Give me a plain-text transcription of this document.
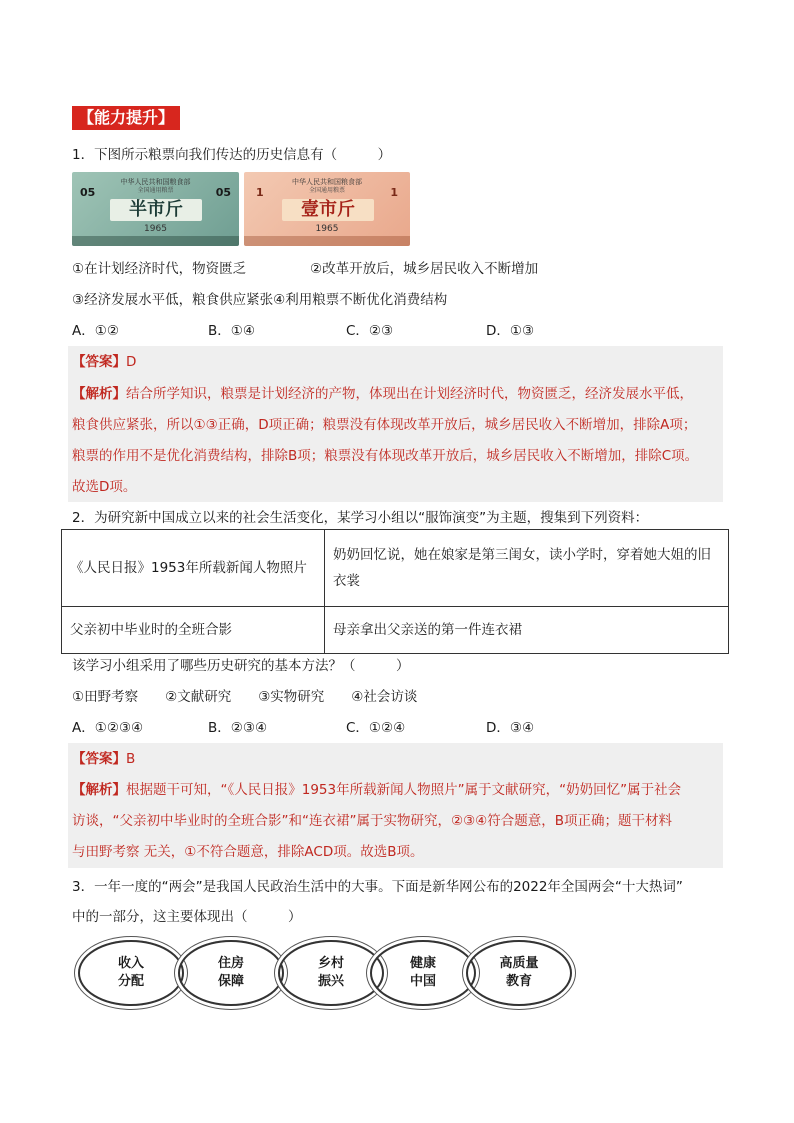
【能力提升】
1．下图所示粮票向我们传达的历史信息有（　　　）
中华人民共和国粮食部
全国通用粮票
05	05
半市斤
1965
中华人民共和国粮食部
全国通用粮票
1	1
壹市斤
1965
①在计划经济时代，物资匮乏	②改革开放后，城乡居民收入不断增加
③经济发展水平低，粮食供应紧张④利用粮票不断优化消费结构
A．①②	B．①④	C．②③	D．①③
【答案】D
【解析】结合所学知识，粮票是计划经济的产物，体现出在计划经济时代，物资匮乏，经济发展水平低，
粮食供应紧张，所以①③正确，D项正确；粮票没有体现改革开放后，城乡居民收入不断增加，排除A项；
粮票的作用不是优化消费结构，排除B项；粮票没有体现改革开放后，城乡居民收入不断增加，排除C项。
故选D项。
2．为研究新中国成立以来的社会生活变化，某学习小组以“服饰演变”为主题，搜集到下列资料：
《人民日报》1953年所载新闻人物照片	奶奶回忆说，她在娘家是第三闺女，读小学时，穿着她大姐的旧
衣裳

父亲初中毕业时的全班合影	母亲拿出父亲送的第一件连衣裙
该学习小组采用了哪些历史研究的基本方法？（　　　）
①田野考察　　②文献研究　　③实物研究　　④社会访谈
A．①②③④	B．②③④	C．①②④	D．③④
【答案】B
【解析】根据题干可知，“《人民日报》1953年所载新闻人物照片”属于文献研究，“奶奶回忆”属于社会
访谈，“父亲初中毕业时的全班合影”和“连衣裙”属于实物研究，②③④符合题意，B项正确；题干材料
与田野考察 无关，①不符合题意，排除ACD项。故选B项。
3．一年一度的“两会”是我国人民政治生活中的大事。下面是新华网公布的2022年全国两会“十大热词”
中的一部分，这主要体现出（　　　）
收入
分配
住房
保障
乡村
振兴
健康
中国
高质量
教育
